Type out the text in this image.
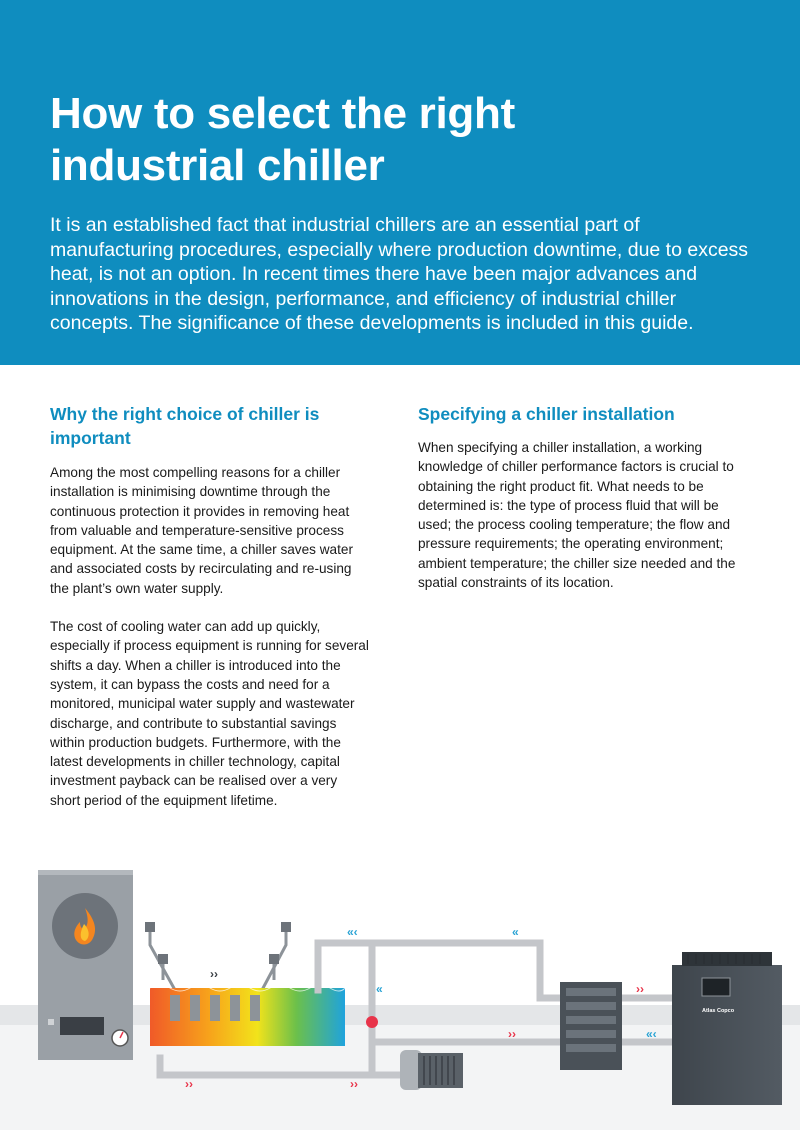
How to select the right
industrial chiller

It is an established fact that industrial chillers are an essential part of manufacturing procedures, especially where production downtime, due to excess heat, is not an option. In recent times there have been major advances and innovations in the design, performance, and efficiency of industrial chiller concepts. The significance of these developments is included in this guide.

Why the right choice of chiller is important

Among the most compelling reasons for a chiller installation is minimising downtime through the continuous protection it provides in removing heat from valuable and temperature-sensitive process equipment. At the same time, a chiller saves water and associated costs by recirculating and re-using the plant’s own water supply.

The cost of cooling water can add up quickly, especially if process equipment is running for several shifts a day. When a chiller is introduced into the system, it can bypass the costs and need for a monitored, municipal water supply and wastewater discharge, and contribute to substantial savings within production budgets. Furthermore, with the latest developments in chiller technology, capital investment payback can be realised over a very short period of the equipment lifetime.

Specifying a chiller installation

When specifying a chiller installation, a working knowledge of chiller performance factors is crucial to obtaining the right product fit. What needs to be determined is: the type of process fluid that will be used; the process cooling temperature; the flow and pressure requirements; the operating environment; ambient temperature; the chiller size needed and the spatial constraints of its location.

Atlas Copco
«‹	«
››
«
››
››
«‹
››	››
